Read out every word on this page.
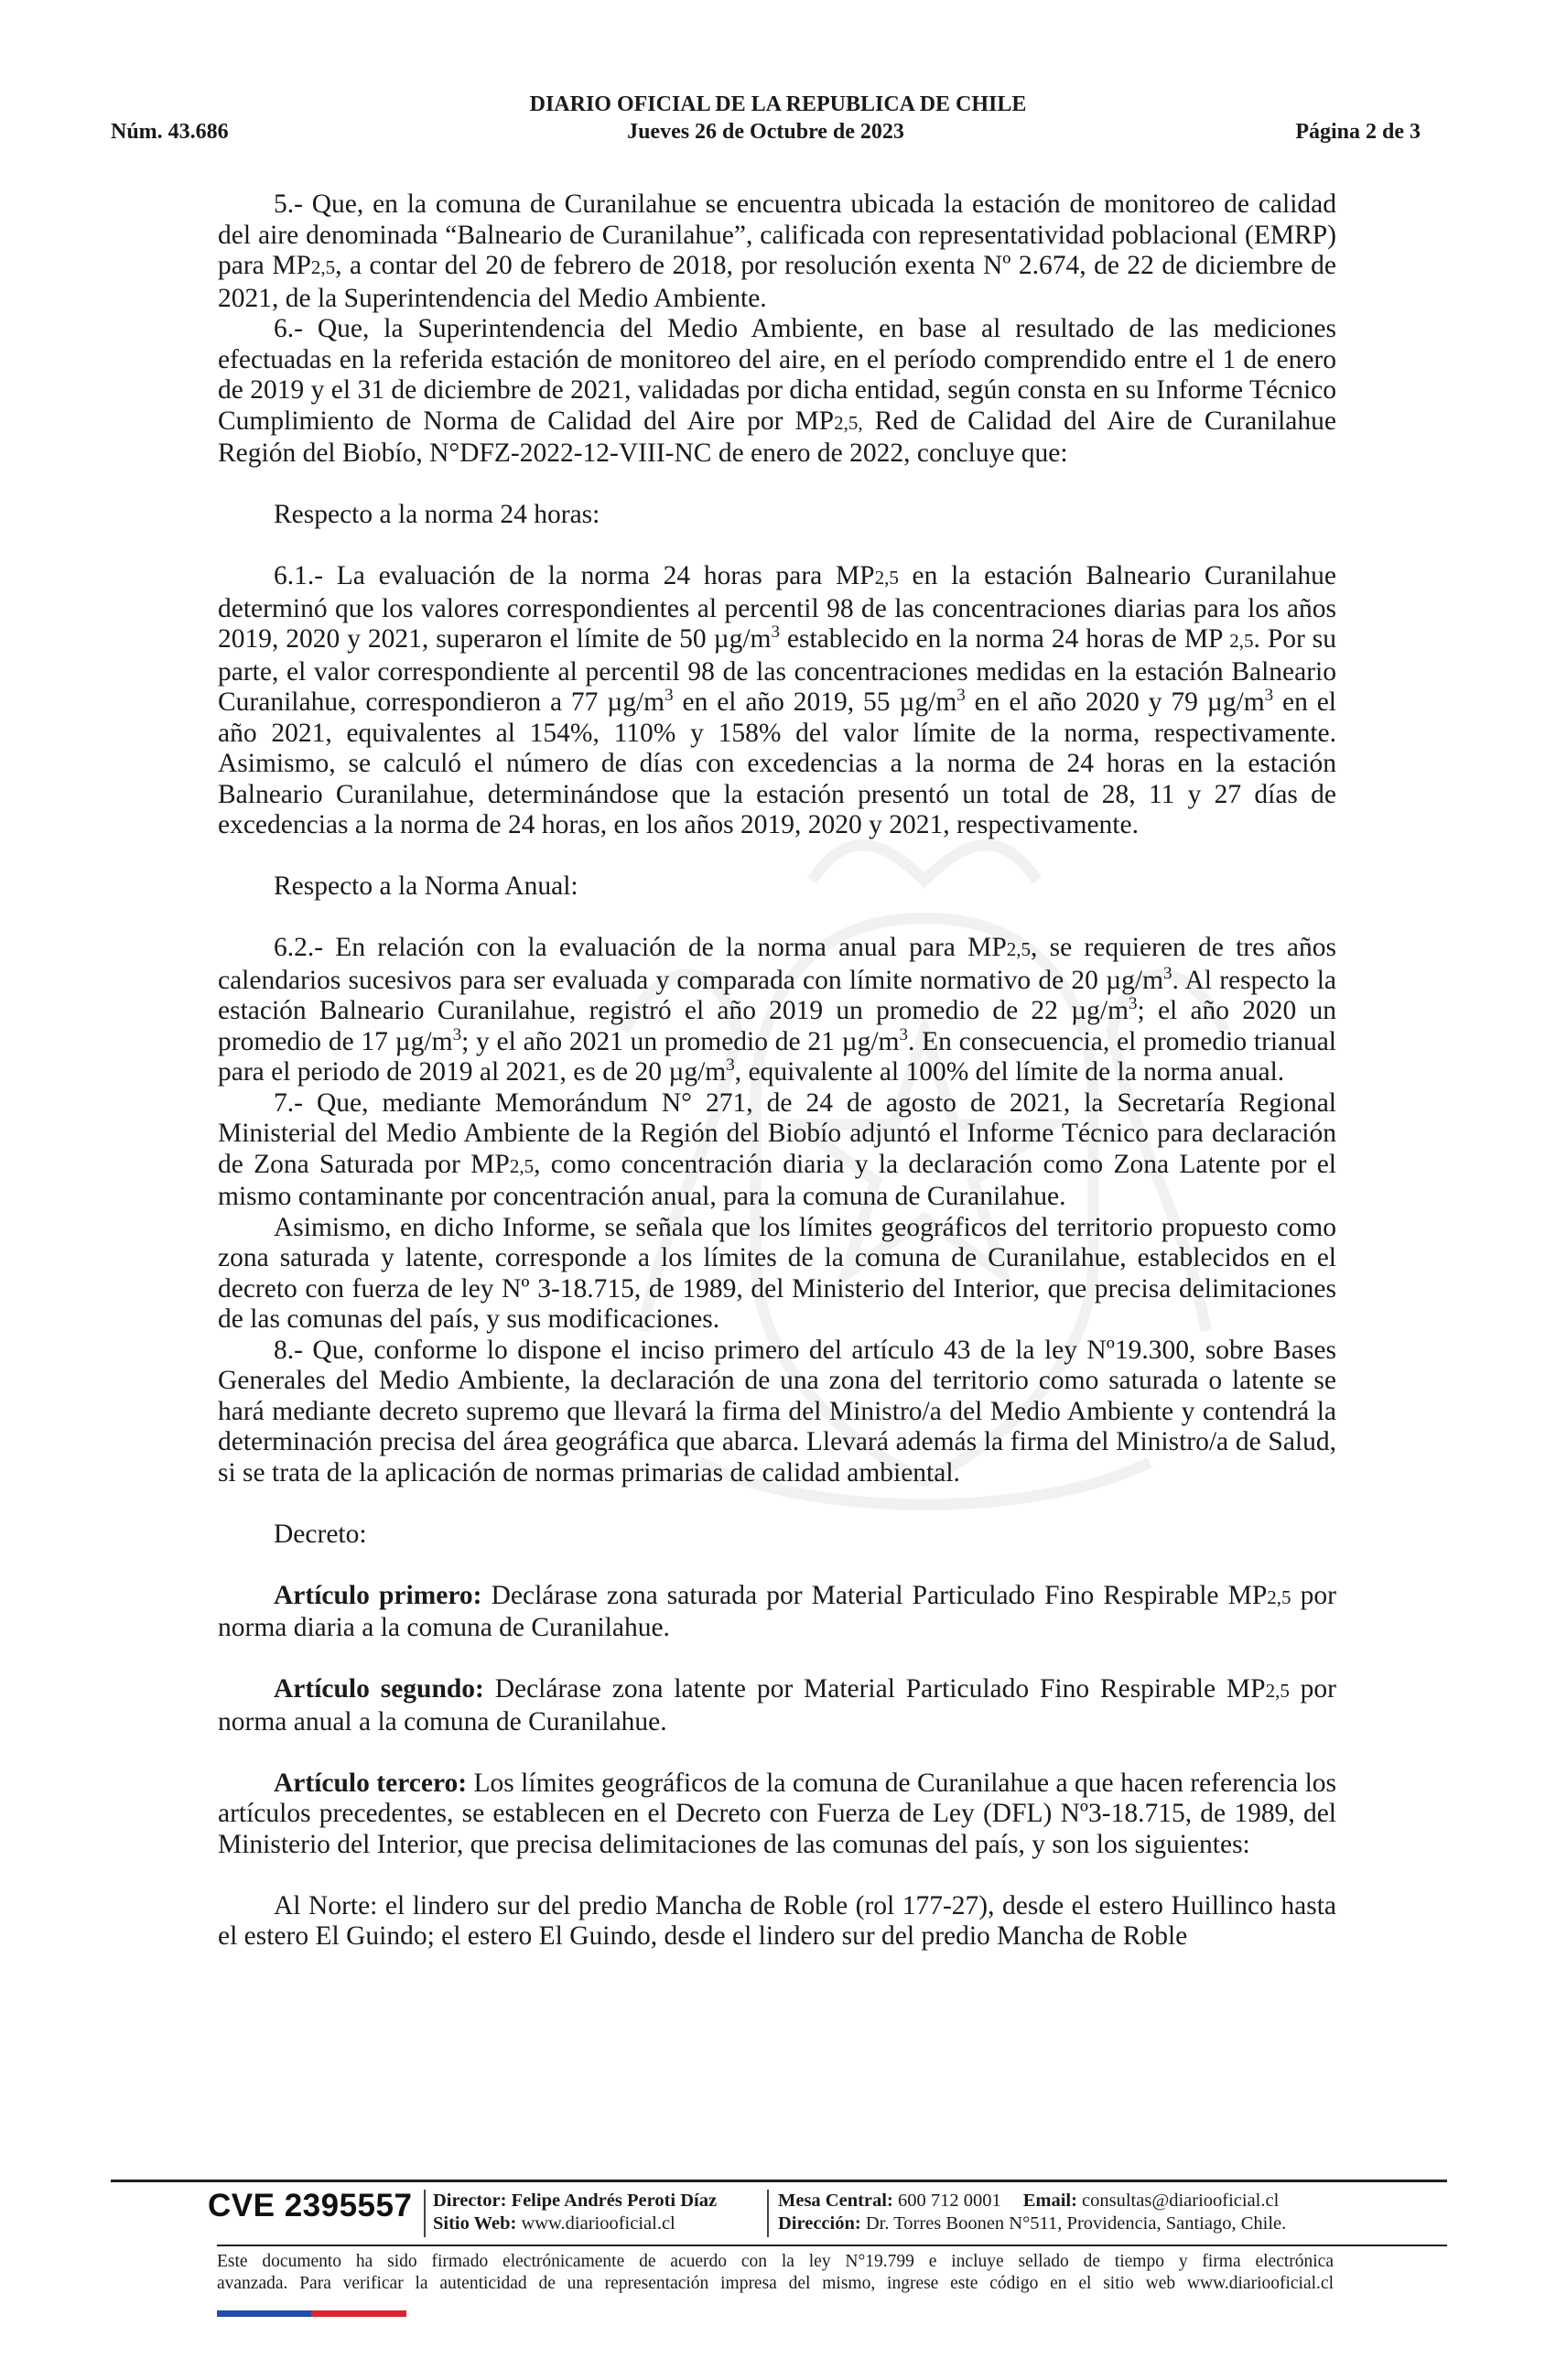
DIARIO OFICIAL DE LA REPUBLICA DE CHILE
Núm. 43.686	Jueves 26 de Octubre de 2023	Página 2 de 3

5.- Que, en la comuna de Curanilahue se encuentra ubicada la estación de monitoreo de calidad del aire denominada “Balneario de Curanilahue”, calificada con representatividad poblacional (EMRP) para MP2,5, a contar del 20 de febrero de 2018, por resolución exenta Nº 2.674, de 22 de diciembre de 2021, de la Superintendencia del Medio Ambiente.

6.- Que, la Superintendencia del Medio Ambiente, en base al resultado de las mediciones efectuadas en la referida estación de monitoreo del aire, en el período comprendido entre el 1 de enero de 2019 y el 31 de diciembre de 2021, validadas por dicha entidad, según consta en su Informe Técnico Cumplimiento de Norma de Calidad del Aire por MP2,5, Red de Calidad del Aire de Curanilahue Región del Biobío, N°DFZ-2022-12-VIII-NC de enero de 2022, concluye que:

Respecto a la norma 24 horas:

6.1.- La evaluación de la norma 24 horas para MP2,5 en la estación Balneario Curanilahue determinó que los valores correspondientes al percentil 98 de las concentraciones diarias para los años 2019, 2020 y 2021, superaron el límite de 50 $\mu g/m^3$ establecido en la norma 24 horas de MP 2,5. Por su parte, el valor correspondiente al percentil 98 de las concentraciones medidas en la estación Balneario Curanilahue, correspondieron a 77 $\mu g/m^3$ en el año 2019, 55 $\mu g/m^3$ en el año 2020 y 79 $\mu g/m^3$ en el año 2021, equivalentes al 154%, 110% y 158% del valor límite de la norma, respectivamente. Asimismo, se calculó el número de días con excedencias a la norma de 24 horas en la estación Balneario Curanilahue, determinándose que la estación presentó un total de 28, 11 y 27 días de excedencias a la norma de 24 horas, en los años 2019, 2020 y 2021, respectivamente.

Respecto a la Norma Anual:

6.2.- En relación con la evaluación de la norma anual para MP2,5, se requieren de tres años calendarios sucesivos para ser evaluada y comparada con límite normativo de 20 $\mu g/m^3$. Al respecto la estación Balneario Curanilahue, registró el año 2019 un promedio de 22 $\mu g/m^3$; el año 2020 un promedio de 17 $\mu g/m^3$; y el año 2021 un promedio de 21 $\mu g/m^3$. En consecuencia, el promedio trianual para el periodo de 2019 al 2021, es de 20 $\mu g/m^3$, equivalente al 100% del límite de la norma anual.

7.- Que, mediante Memorándum N° 271, de 24 de agosto de 2021, la Secretaría Regional Ministerial del Medio Ambiente de la Región del Biobío adjuntó el Informe Técnico para declaración de Zona Saturada por MP2,5, como concentración diaria y la declaración como Zona Latente por el mismo contaminante por concentración anual, para la comuna de Curanilahue.

Asimismo, en dicho Informe, se señala que los límites geográficos del territorio propuesto como zona saturada y latente, corresponde a los límites de la comuna de Curanilahue, establecidos en el decreto con fuerza de ley Nº 3-18.715, de 1989, del Ministerio del Interior, que precisa delimitaciones de las comunas del país, y sus modificaciones.

8.- Que, conforme lo dispone el inciso primero del artículo 43 de la ley Nº19.300, sobre Bases Generales del Medio Ambiente, la declaración de una zona del territorio como saturada o latente se hará mediante decreto supremo que llevará la firma del Ministro/a del Medio Ambiente y contendrá la determinación precisa del área geográfica que abarca. Llevará además la firma del Ministro/a de Salud, si se trata de la aplicación de normas primarias de calidad ambiental.

Decreto:

Artículo primero: Declárase zona saturada por Material Particulado Fino Respirable MP2,5 por norma diaria a la comuna de Curanilahue.

Artículo segundo: Declárase zona latente por Material Particulado Fino Respirable MP2,5 por norma anual a la comuna de Curanilahue.

Artículo tercero: Los límites geográficos de la comuna de Curanilahue a que hacen referencia los artículos precedentes, se establecen en el Decreto con Fuerza de Ley (DFL) Nº3-18.715, de 1989, del Ministerio del Interior, que precisa delimitaciones de las comunas del país, y son los siguientes:

Al Norte: el lindero sur del predio Mancha de Roble (rol 177-27), desde el estero Huillinco hasta el estero El Guindo; el estero El Guindo, desde el lindero sur del predio Mancha de Roble

CVE 2395557 Director: Felipe Andrés Peroti Díaz
Sitio Web: www.diariooficial.cl
Mesa Central: 600 712 0001 Email: consultas@diariooficial.cl
Dirección: Dr. Torres Boonen N°511, Providencia, Santiago, Chile.
Este documento ha sido firmado electrónicamente de acuerdo con la ley N°19.799 e incluye sellado de tiempo y firma electrónica
avanzada. Para verificar la autenticidad de una representación impresa del mismo, ingrese este código en el sitio web www.diariooficial.cl
